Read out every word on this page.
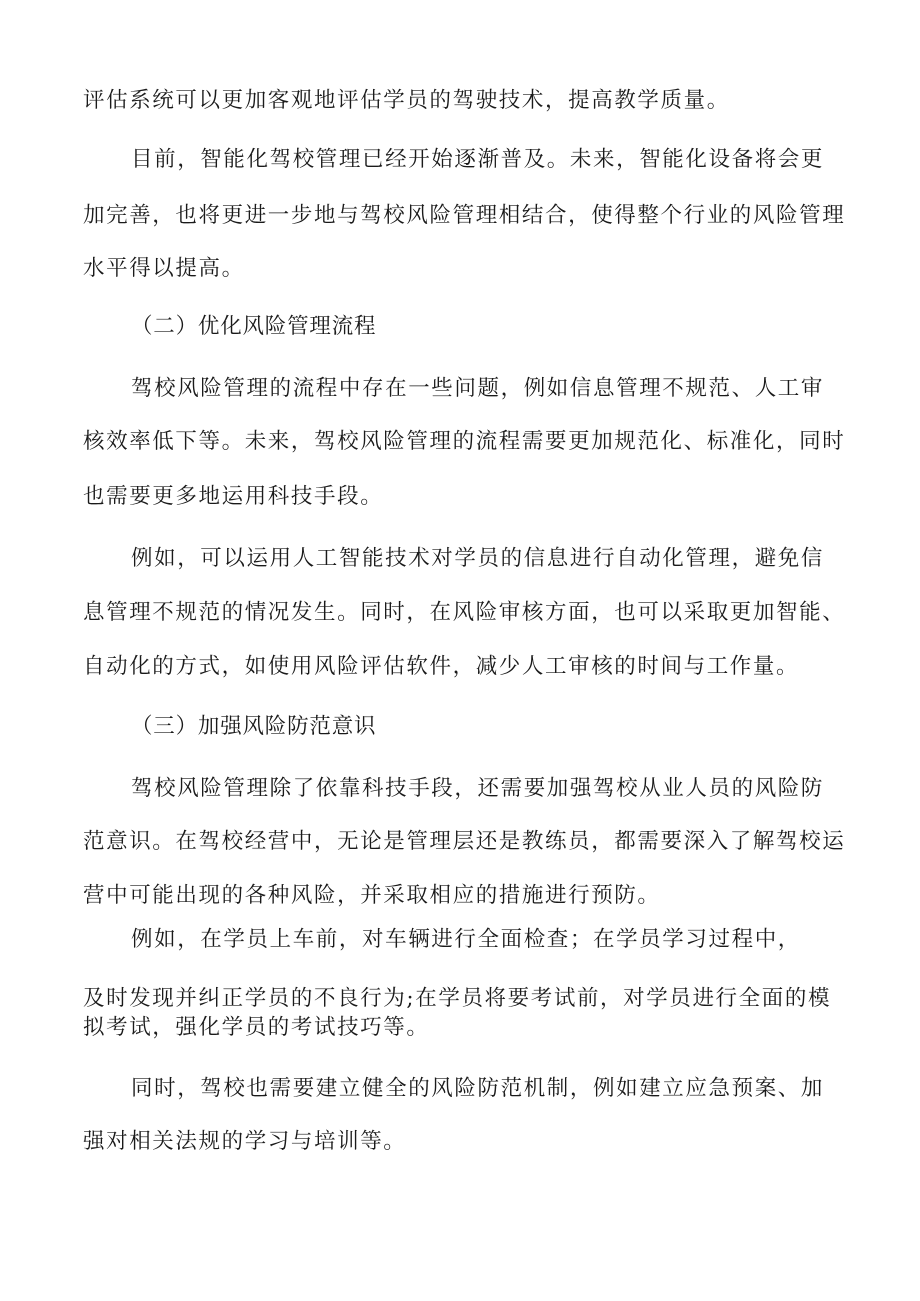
评估系统可以更加客观地评估学员的驾驶技术，提高教学质量。
目前，智能化驾校管理已经开始逐渐普及。未来，智能化设备将会更
加完善，也将更进一步地与驾校风险管理相结合，使得整个行业的风险管理
水平得以提高。
（二）优化风险管理流程
驾校风险管理的流程中存在一些问题，例如信息管理不规范、人工审
核效率低下等。未来，驾校风险管理的流程需要更加规范化、标准化，同时
也需要更多地运用科技手段。
例如，可以运用人工智能技术对学员的信息进行自动化管理，避免信
息管理不规范的情况发生。同时，在风险审核方面，也可以采取更加智能、
自动化的方式，如使用风险评估软件，减少人工审核的时间与工作量。
（三）加强风险防范意识
驾校风险管理除了依靠科技手段，还需要加强驾校从业人员的风险防
范意识。在驾校经营中，无论是管理层还是教练员，都需要深入了解驾校运
营中可能出现的各种风险，并采取相应的措施进行预防。
例如，在学员上车前，对车辆进行全面检查；在学员学习过程中，
及时发现并纠正学员的不良行为;在学员将要考试前，对学员进行全面的模
拟考试，强化学员的考试技巧等。
同时，驾校也需要建立健全的风险防范机制，例如建立应急预案、加
强对相关法规的学习与培训等。
